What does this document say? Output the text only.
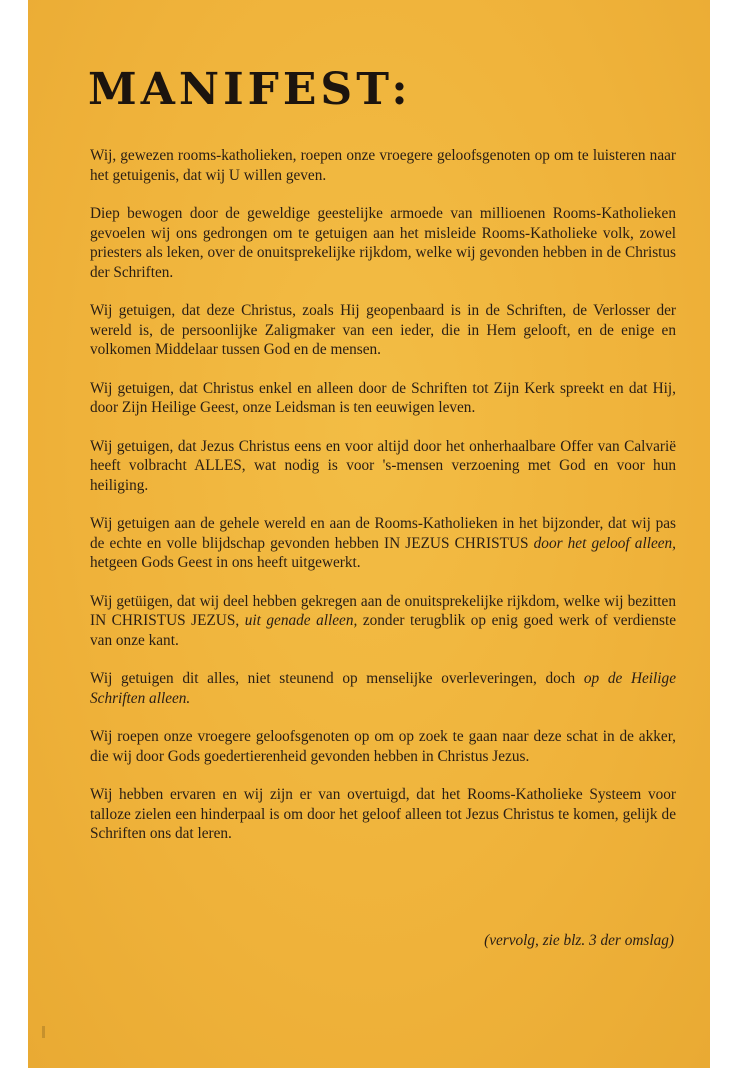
MANIFEST:

Wij, gewezen rooms-katholieken, roepen onze vroegere geloofsgenoten op om te luisteren naar het getuigenis, dat wij U willen geven.

Diep bewogen door de geweldige geestelijke armoede van millioenen Rooms-Katholieken gevoelen wij ons gedrongen om te getuigen aan het misleide Rooms-Katholieke volk, zowel priesters als leken, over de onuitsprekelijke rijkdom, welke wij gevonden hebben in de Christus der Schriften.

Wij getuigen, dat deze Christus, zoals Hij geopenbaard is in de Schriften, de Verlosser der wereld is, de persoonlijke Zaligmaker van een ieder, die in Hem gelooft, en de enige en volkomen Middelaar tussen God en de mensen.

Wij getuigen, dat Christus enkel en alleen door de Schriften tot Zijn Kerk spreekt en dat Hij, door Zijn Heilige Geest, onze Leidsman is ten eeuwigen leven.

Wij getuigen, dat Jezus Christus eens en voor altijd door het onherhaalbare Offer van Calvarië heeft volbracht ALLES, wat nodig is voor 's-mensen verzoening met God en voor hun heiliging.

Wij getuigen aan de gehele wereld en aan de Rooms-Katholieken in het bijzonder, dat wij pas de echte en volle blijdschap gevonden hebben IN JEZUS CHRISTUS door het geloof alleen, hetgeen Gods Geest in ons heeft uitgewerkt.

Wij getüigen, dat wij deel hebben gekregen aan de onuitsprekelijke rijkdom, welke wij bezitten IN CHRISTUS JEZUS, uit genade alleen, zonder terugblik op enig goed werk of verdienste van onze kant.

Wij getuigen dit alles, niet steunend op menselijke overleveringen, doch op de Heilige Schriften alleen.

Wij roepen onze vroegere geloofsgenoten op om op zoek te gaan naar deze schat in de akker, die wij door Gods goedertierenheid gevonden hebben in Christus Jezus.

Wij hebben ervaren en wij zijn er van overtuigd, dat het Rooms-Katholieke Systeem voor talloze zielen een hinderpaal is om door het geloof alleen tot Jezus Christus te komen, gelijk de Schriften ons dat leren.

(vervolg, zie blz. 3 der omslag)
